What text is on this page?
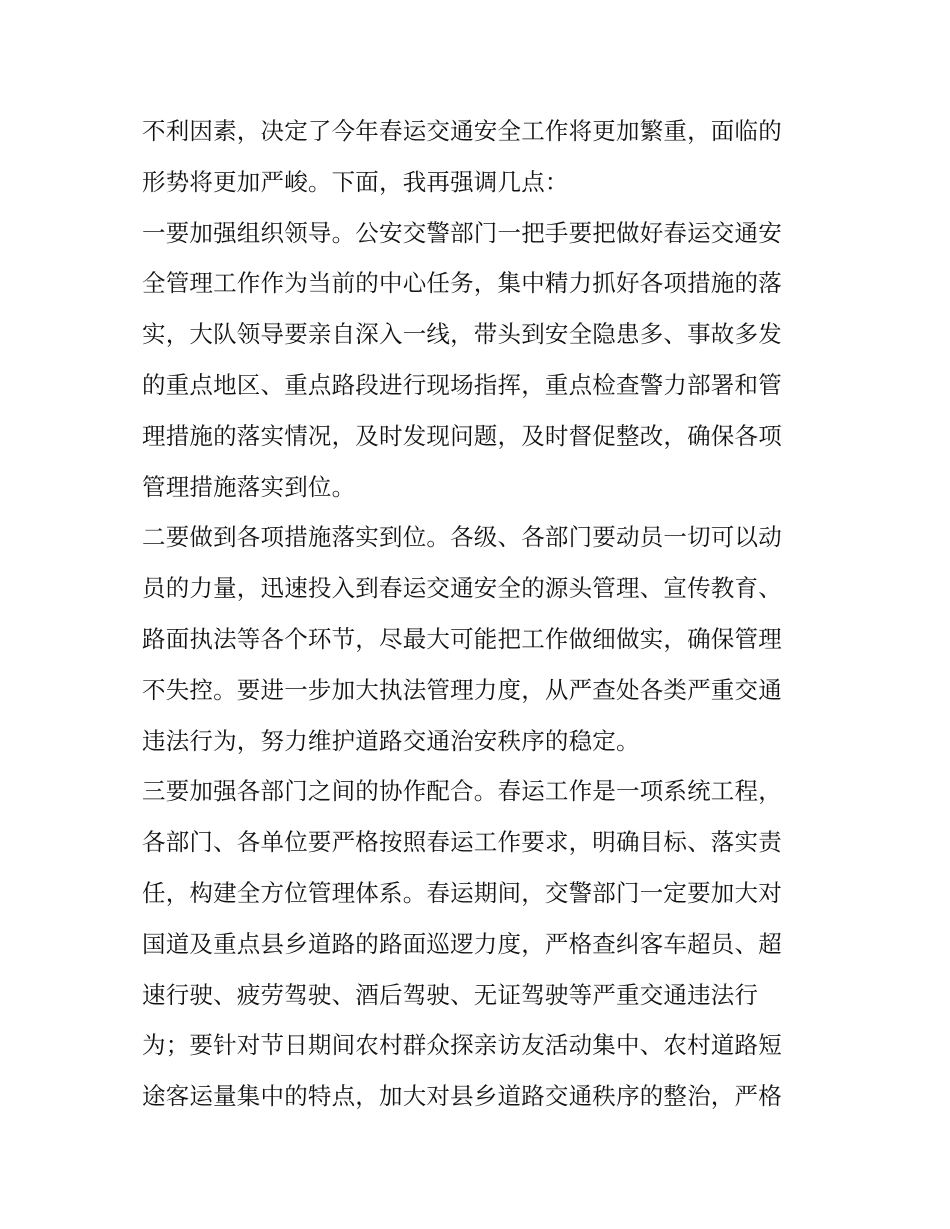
不利因素，决定了今年春运交通安全工作将更加繁重，面临的
形势将更加严峻。下面，我再强调几点：
一要加强组织领导。公安交警部门一把手要把做好春运交通安
全管理工作作为当前的中心任务，集中精力抓好各项措施的落
实，大队领导要亲自深入一线，带头到安全隐患多、事故多发
的重点地区、重点路段进行现场指挥，重点检查警力部署和管
理措施的落实情况，及时发现问题，及时督促整改，确保各项
管理措施落实到位。
二要做到各项措施落实到位。各级、各部门要动员一切可以动
员的力量，迅速投入到春运交通安全的源头管理、宣传教育、
路面执法等各个环节，尽最大可能把工作做细做实，确保管理
不失控。要进一步加大执法管理力度，从严查处各类严重交通
违法行为，努力维护道路交通治安秩序的稳定。
三要加强各部门之间的协作配合。春运工作是一项系统工程，
各部门、各单位要严格按照春运工作要求，明确目标、落实责
任，构建全方位管理体系。春运期间，交警部门一定要加大对
国道及重点县乡道路的路面巡逻力度，严格查纠客车超员、超
速行驶、疲劳驾驶、酒后驾驶、无证驾驶等严重交通违法行
为；要针对节日期间农村群众探亲访友活动集中、农村道路短
途客运量集中的特点，加大对县乡道路交通秩序的整治，严格
